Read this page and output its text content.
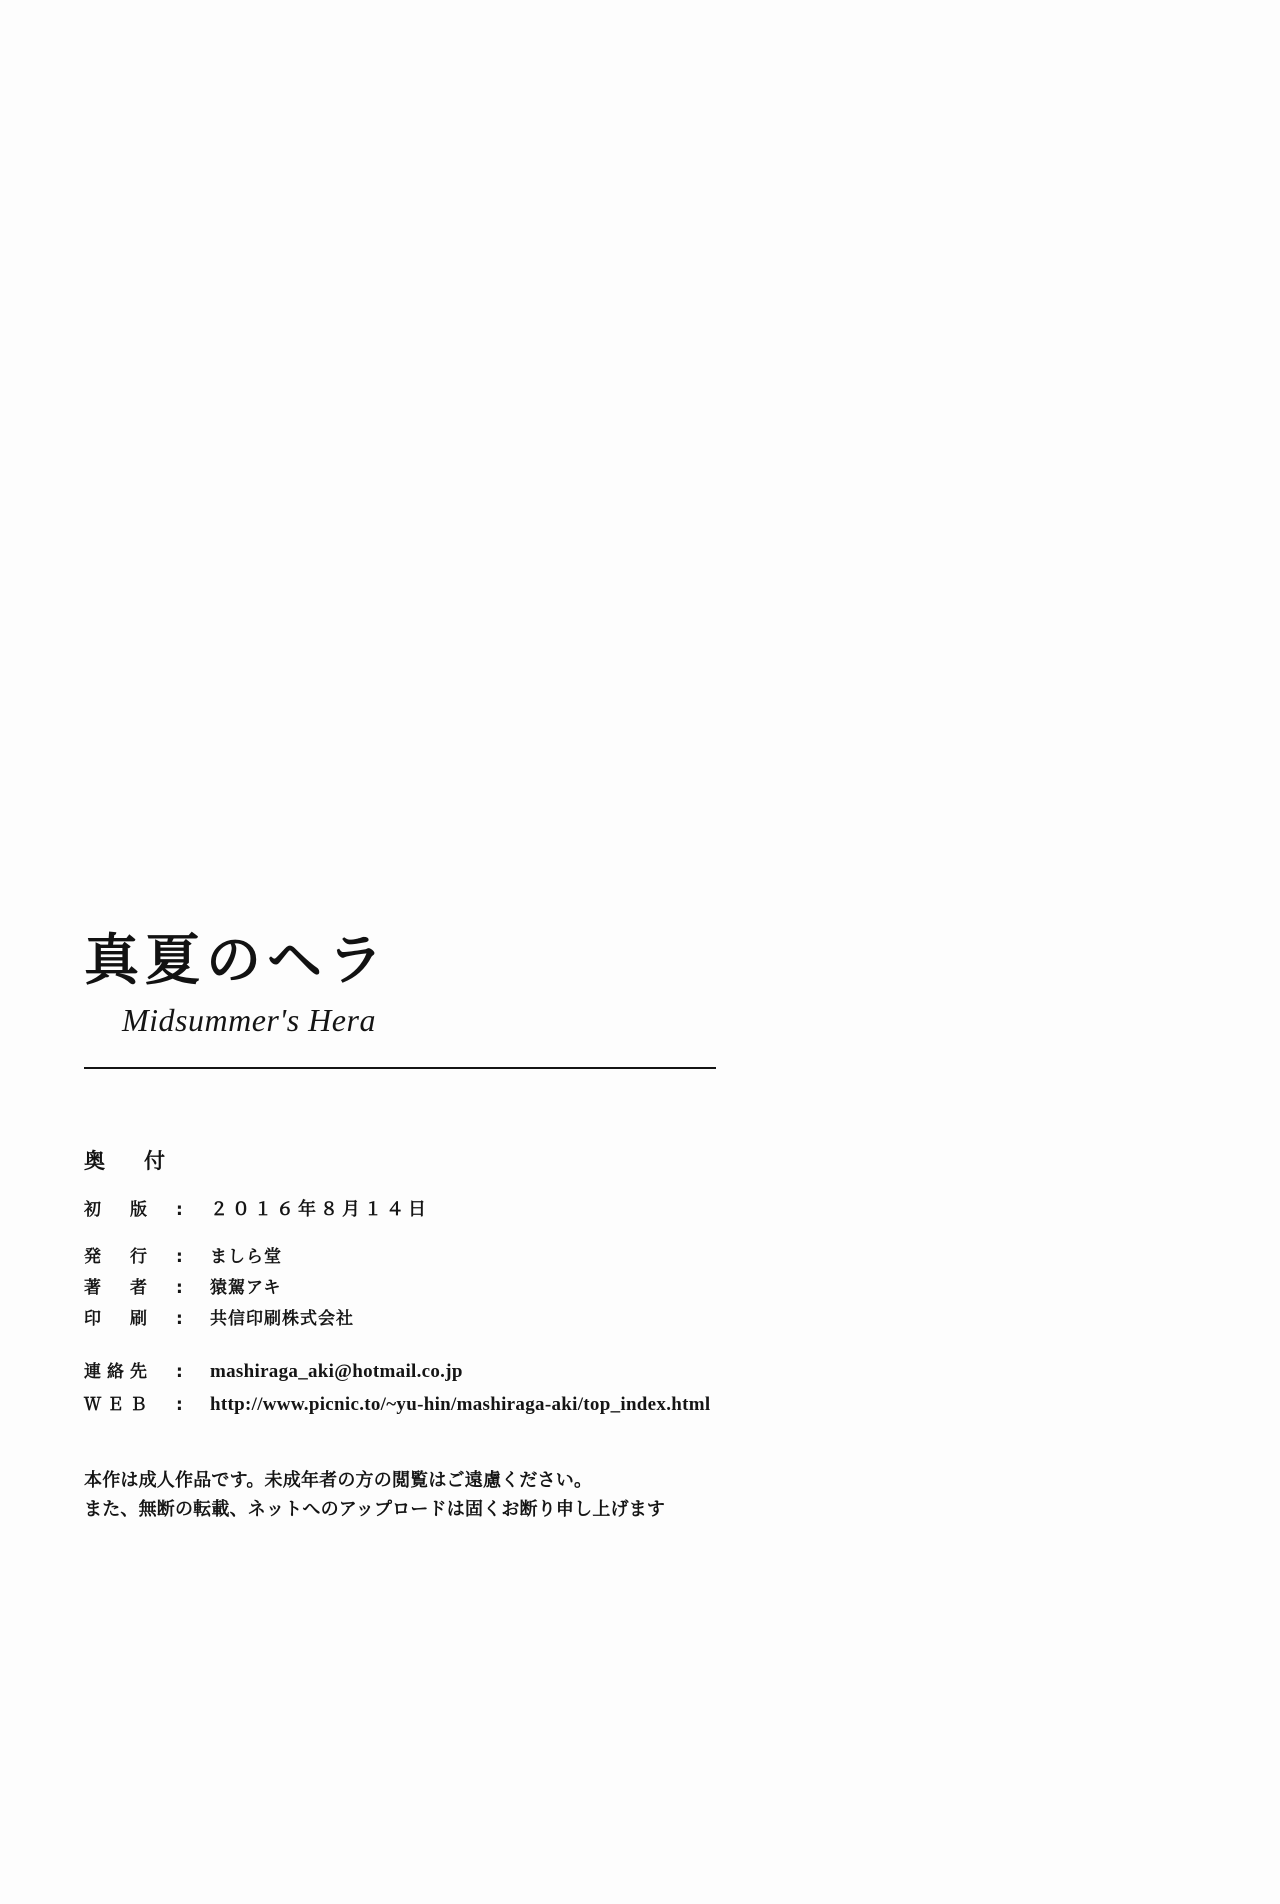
真夏のヘラ
Midsummer's Hera
奥　付
初　版	:	２０１６年８月１４日
発　行	:	ましら堂
著　者	:	猿駕アキ
印　刷	:	共信印刷株式会社
連絡先	:	mashiraga_aki@hotmail.co.jp
ＷＥＢ	:	http://www.picnic.to/~yu-hin/mashiraga-aki/top_index.html
本作は成人作品です。未成年者の方の閲覧はご遠慮ください。
また、無断の転載、ネットへのアップロードは固くお断り申し上げます
